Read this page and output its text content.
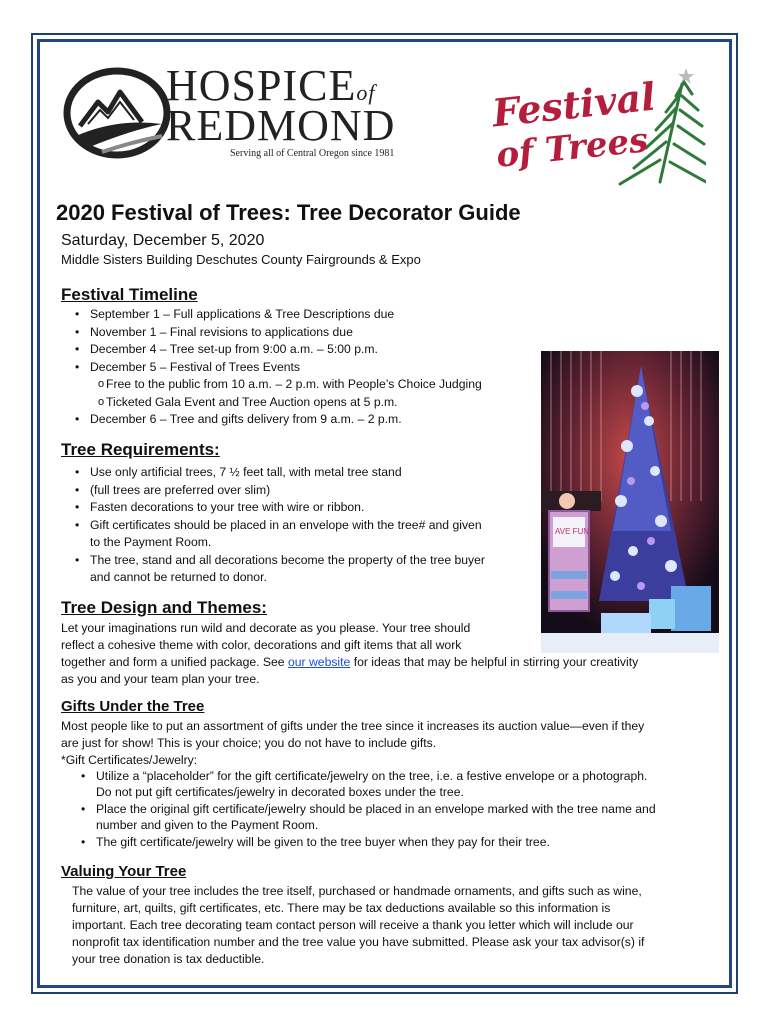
HOSPICEof
REDMOND
Serving all of Central Oregon since 1981
Festival
of Trees
2020 Festival of Trees: Tree Decorator Guide
Saturday, December 5, 2020
Middle Sisters Building Deschutes County Fairgrounds & Expo
Festival Timeline
• September 1 – Full applications & Tree Descriptions due
• November 1 – Final revisions to applications due
• December 4 – Tree set-up from 9:00 a.m. – 5:00 p.m.
• December 5 – Festival of Trees Events
o Free to the public from 10 a.m. – 2 p.m. with People’s Choice Judging
o Ticketed Gala Event and Tree Auction opens at 5 p.m.
• December 6 – Tree and gifts delivery from 9 a.m. – 2 p.m.
Tree Requirements:
• Use only artificial trees, 7 ½ feet tall, with metal tree stand
• (full trees are preferred over slim)
• Fasten decorations to your tree with wire or ribbon.
• Gift certificates should be placed in an envelope with the tree# and given
to the Payment Room.
• The tree, stand and all decorations become the property of the tree buyer
and cannot be returned to donor.
AVE FUN
Tree Design and Themes:
Let your imaginations run wild and decorate as you please. Your tree should
reflect a cohesive theme with color, decorations and gift items that all work
together and form a unified package. See our website for ideas that may be helpful in stirring your creativity
as you and your team plan your tree.
Gifts Under the Tree
Most people like to put an assortment of gifts under the tree since it increases its auction value—even if they
are just for show! This is your choice; you do not have to include gifts.
*Gift Certificates/Jewelry:
• Utilize a “placeholder” for the gift certificate/jewelry on the tree, i.e. a festive envelope or a photograph.
Do not put gift certificates/jewelry in decorated boxes under the tree.
• Place the original gift certificate/jewelry should be placed in an envelope marked with the tree name and
number and given to the Payment Room.
• The gift certificate/jewelry will be given to the tree buyer when they pay for their tree.
Valuing Your Tree
The value of your tree includes the tree itself, purchased or handmade ornaments, and gifts such as wine,
furniture, art, quilts, gift certificates, etc. There may be tax deductions available so this information is
important. Each tree decorating team contact person will receive a thank you letter which will include our
nonprofit tax identification number and the tree value you have submitted. Please ask your tax advisor(s) if
your tree donation is tax deductible.
